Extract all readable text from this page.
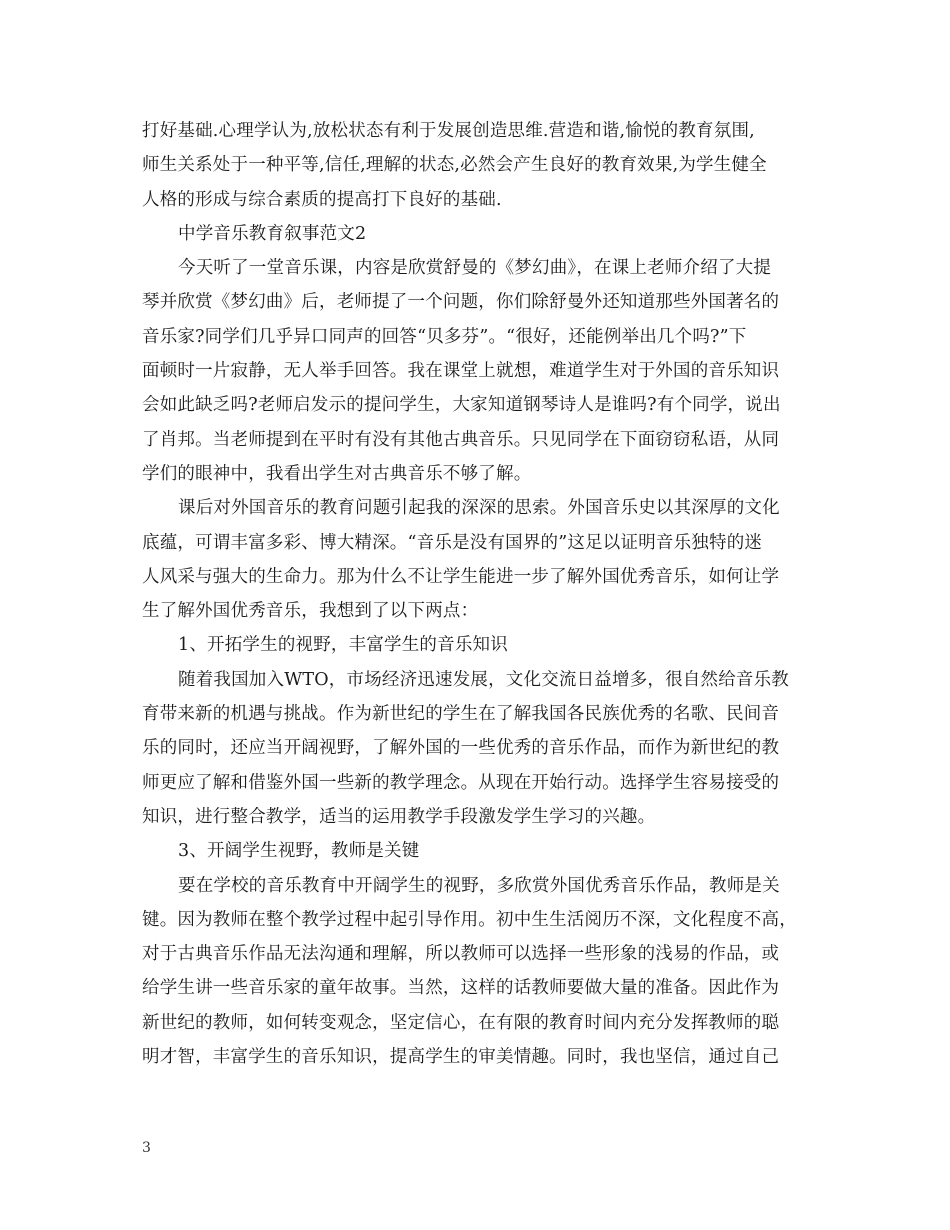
打好基础.心理学认为,放松状态有利于发展创造思维.营造和谐,愉悦的教育氛围,
师生关系处于一种平等,信任,理解的状态,必然会产生良好的教育效果,为学生健全
人格的形成与综合素质的提高打下良好的基础.
中学音乐教育叙事范文2
今天听了一堂音乐课，内容是欣赏舒曼的《梦幻曲》，在课上老师介绍了大提
琴并欣赏《梦幻曲》后，老师提了一个问题，你们除舒曼外还知道那些外国著名的
音乐家?同学们几乎异口同声的回答“贝多芬”。“很好，还能例举出几个吗?”下
面顿时一片寂静，无人举手回答。我在课堂上就想，难道学生对于外国的音乐知识
会如此缺乏吗?老师启发示的提问学生，大家知道钢琴诗人是谁吗?有个同学，说出
了肖邦。当老师提到在平时有没有其他古典音乐。只见同学在下面窃窃私语，从同
学们的眼神中，我看出学生对古典音乐不够了解。
课后对外国音乐的教育问题引起我的深深的思索。外国音乐史以其深厚的文化
底蕴，可谓丰富多彩、博大精深。“音乐是没有国界的”这足以证明音乐独特的迷
人风采与强大的生命力。那为什么不让学生能进一步了解外国优秀音乐，如何让学
生了解外国优秀音乐，我想到了以下两点：
1、开拓学生的视野，丰富学生的音乐知识
随着我国加入WTO，市场经济迅速发展，文化交流日益增多，很自然给音乐教
育带来新的机遇与挑战。作为新世纪的学生在了解我国各民族优秀的名歌、民间音
乐的同时，还应当开阔视野，了解外国的一些优秀的音乐作品，而作为新世纪的教
师更应了解和借鉴外国一些新的教学理念。从现在开始行动。选择学生容易接受的
知识，进行整合教学，适当的运用教学手段激发学生学习的兴趣。
3、开阔学生视野，教师是关键
要在学校的音乐教育中开阔学生的视野，多欣赏外国优秀音乐作品，教师是关
键。因为教师在整个教学过程中起引导作用。初中生生活阅历不深，文化程度不高，
对于古典音乐作品无法沟通和理解，所以教师可以选择一些形象的浅易的作品，或
给学生讲一些音乐家的童年故事。当然，这样的话教师要做大量的准备。因此作为
新世纪的教师，如何转变观念，坚定信心，在有限的教育时间内充分发挥教师的聪
明才智，丰富学生的音乐知识，提高学生的审美情趣。同时，我也坚信，通过自己
3
